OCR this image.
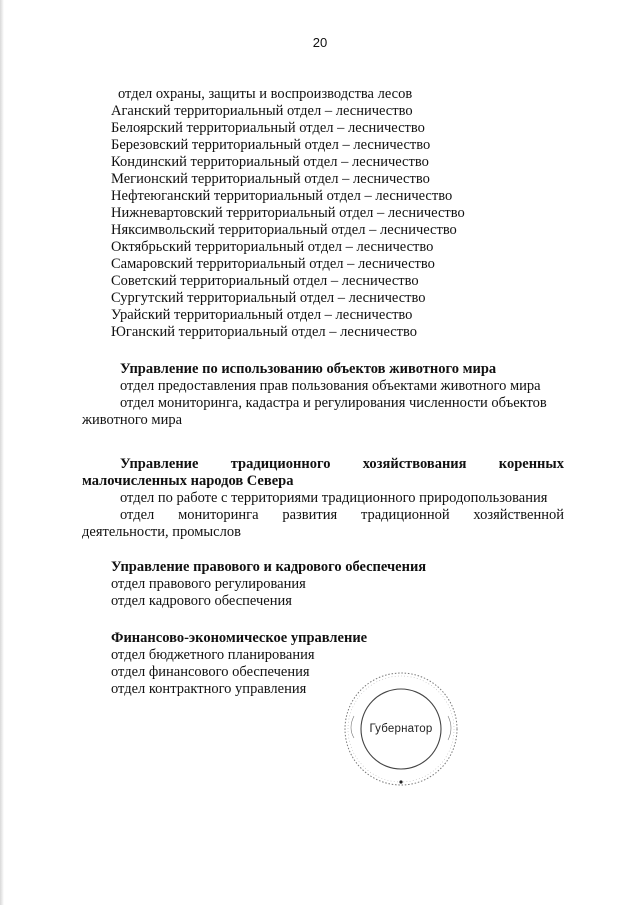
20
отдел охраны, защиты и воспроизводства лесов
Аганский территориальный отдел – лесничество
Белоярский территориальный отдел – лесничество
Березовский территориальный отдел – лесничество
Кондинский территориальный отдел – лесничество
Мегионский территориальный отдел – лесничество
Нефтеюганский территориальный отдел – лесничество
Нижневартовский территориальный отдел – лесничество
Няксимвольский территориальный отдел – лесничество
Октябрьский территориальный отдел – лесничество
Самаровский территориальный отдел – лесничество
Советский территориальный отдел – лесничество
Сургутский территориальный отдел – лесничество
Урайский территориальный отдел – лесничество
Юганский территориальный отдел – лесничество
Управление по использованию объектов животного мира
отдел предоставления прав пользования объектами животного мира
отдел мониторинга, кадастра и регулирования численности объектов
животного мира
Управление традиционного хозяйствования коренных
малочисленных народов Севера
отдел по работе с территориями традиционного природопользования
отдел мониторинга развития традиционной хозяйственной
деятельности, промыслов
Управление правового и кадрового обеспечения
отдел правового регулирования
отдел кадрового обеспечения
Финансово-экономическое управление
отдел бюджетного планирования
отдел финансового обеспечения
отдел контрактного управления
Губернатор
